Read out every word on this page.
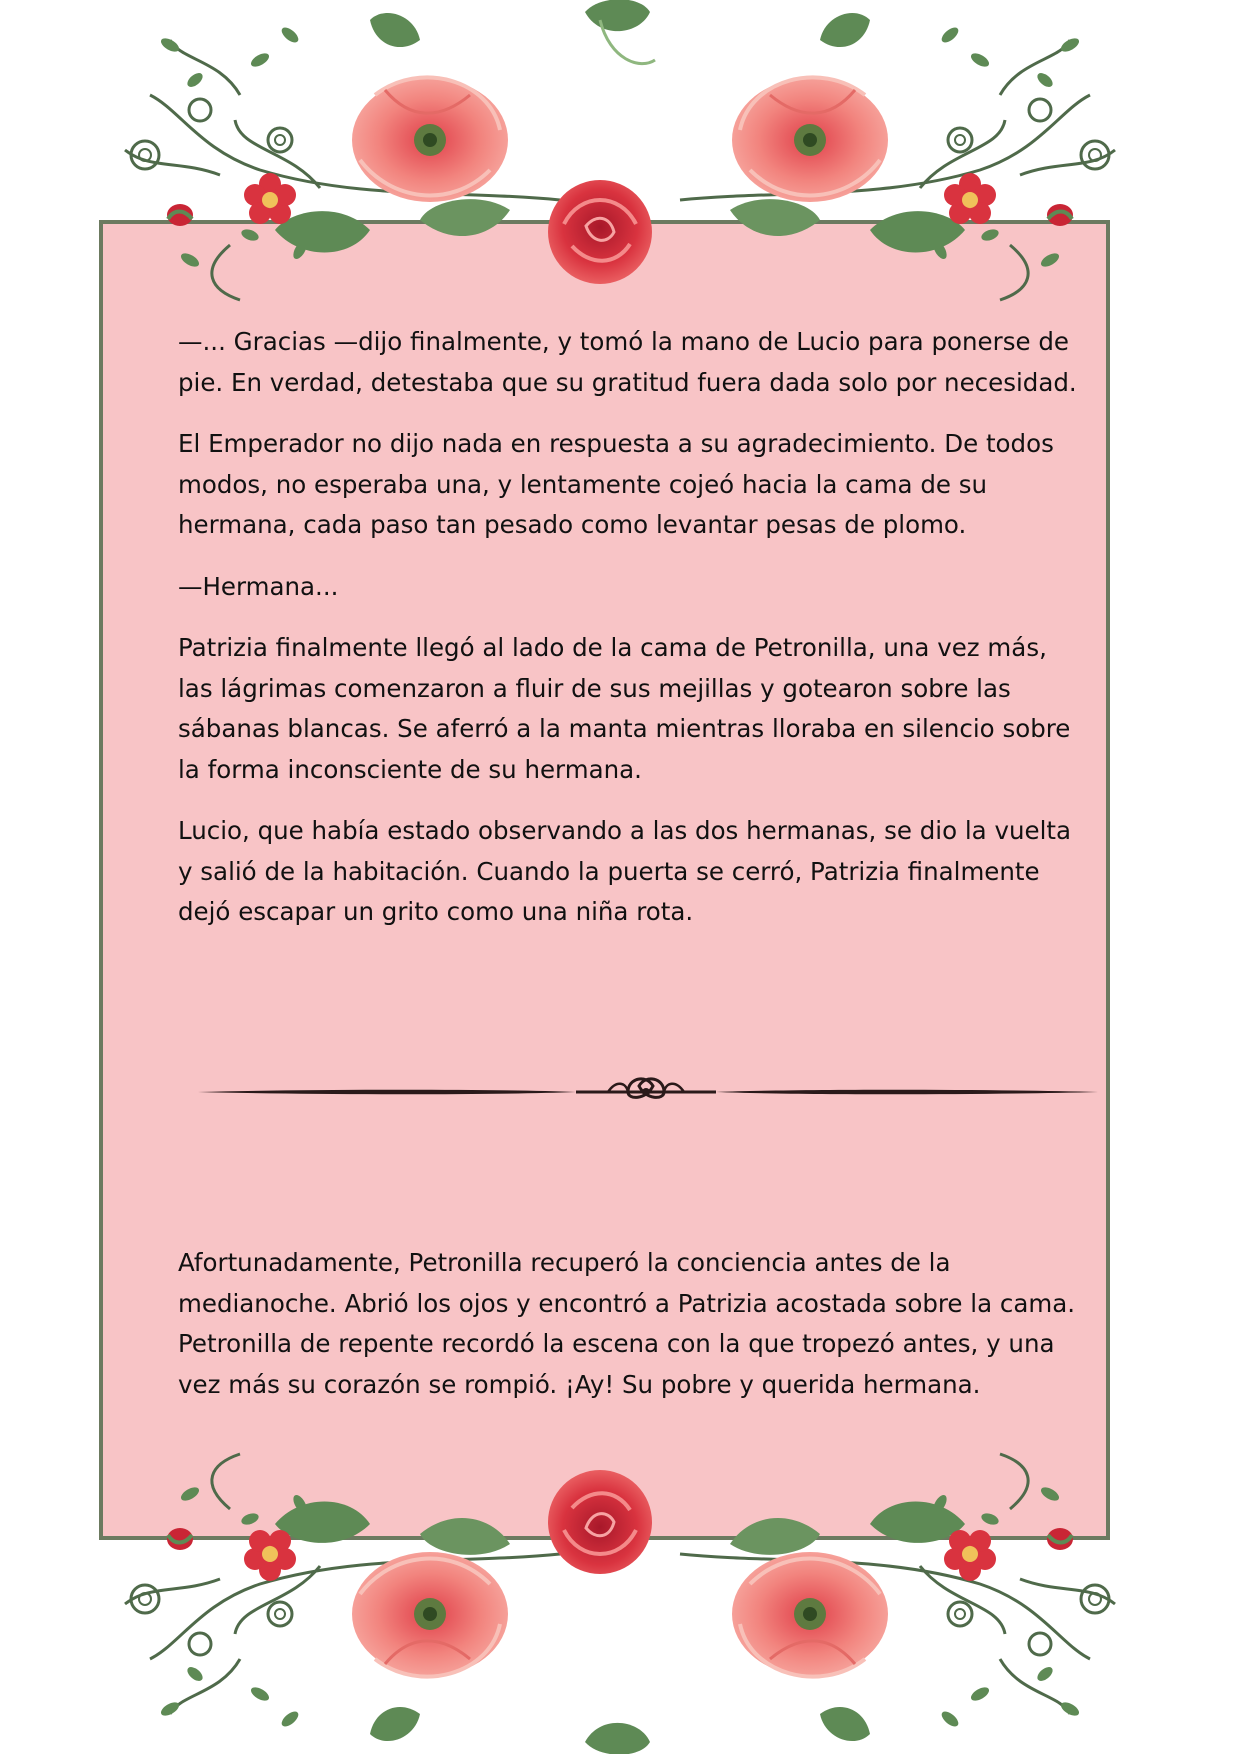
—... Gracias —dijo finalmente, y tomó la mano de Lucio para ponerse de pie. En verdad, detestaba que su gratitud fuera dada solo por necesidad.

El Emperador no dijo nada en respuesta a su agradecimiento. De todos modos, no esperaba una, y lentamente cojeó hacia la cama de su hermana, cada paso tan pesado como levantar pesas de plomo.

—Hermana...

Patrizia finalmente llegó al lado de la cama de Petronilla, una vez más, las lágrimas comenzaron a fluir de sus mejillas y gotearon sobre las sábanas blancas. Se aferró a la manta mientras lloraba en silencio sobre la forma inconsciente de su hermana.

Lucio, que había estado observando a las dos hermanas, se dio la vuelta y salió de la habitación. Cuando la puerta se cerró, Patrizia finalmente dejó escapar un grito como una niña rota.

Afortunadamente, Petronilla recuperó la conciencia antes de la medianoche. Abrió los ojos y encontró a Patrizia acostada sobre la cama. Petronilla de repente recordó la escena con la que tropezó antes, y una vez más su corazón se rompió. ¡Ay! Su pobre y querida hermana.
